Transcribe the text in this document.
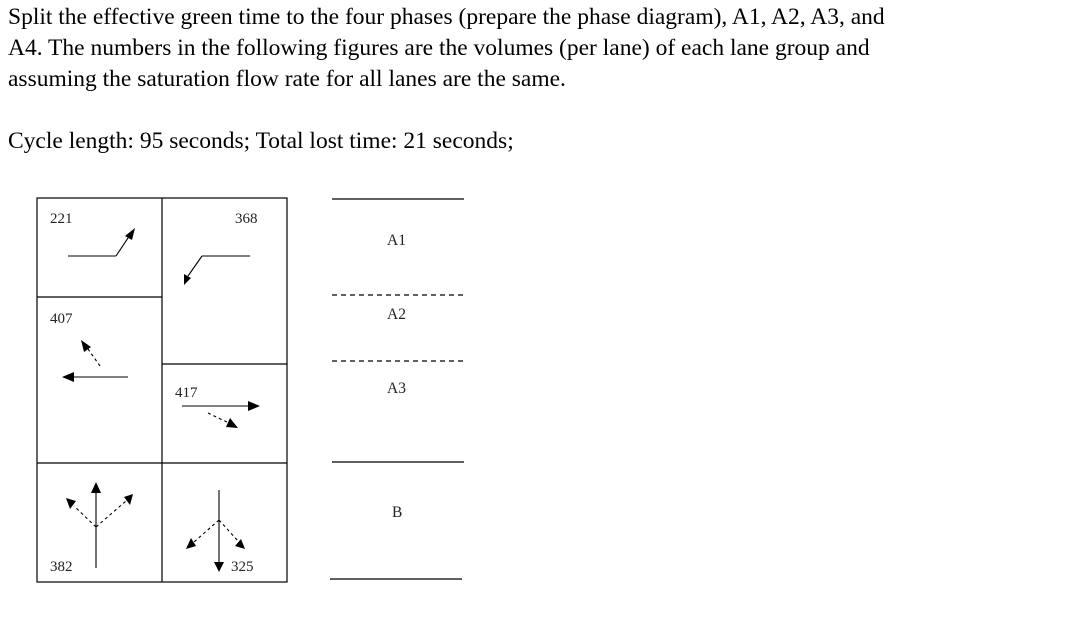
Split the effective green time to the four phases (prepare the phase diagram), A1, A2, A3, and
A4. The numbers in the following figures are the volumes (per lane) of each lane group and
assuming the saturation flow rate for all lanes are the same.
Cycle length: 95 seconds; Total lost time: 21 seconds;
221	368
407
417
382	325
A1
A2
A3
B
